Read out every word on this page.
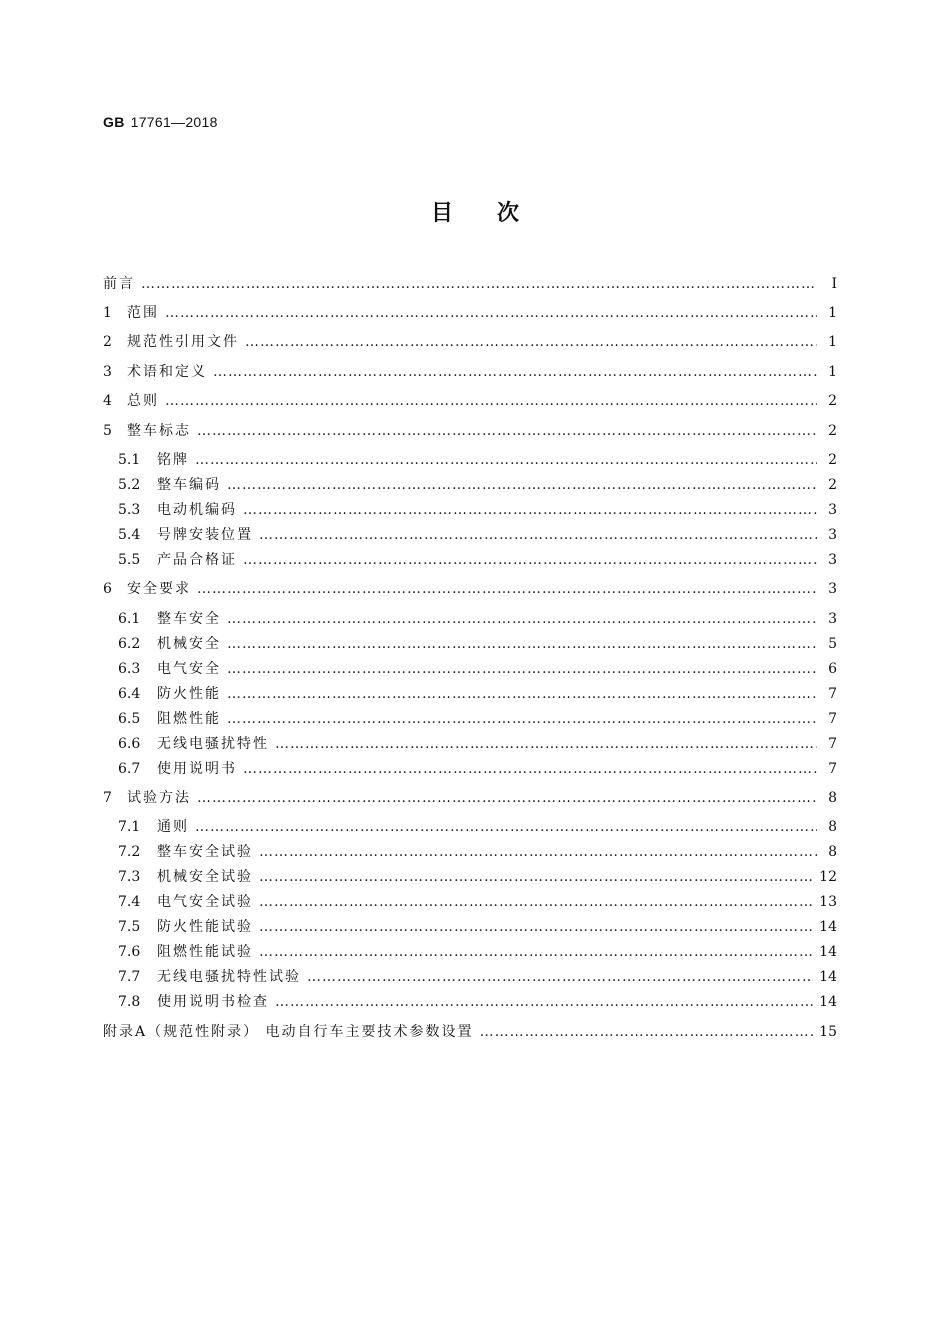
GB 17761—2018
目次
前言 …………………………………………………………………………………………………………………………………………………………………………………………………	Ⅰ
1	范围 …………………………………………………………………………………………………………………………………………………………………………………………………	1
2	规范性引用文件 …………………………………………………………………………………………………………………………………………………………………………………………………	1
3	术语和定义 …………………………………………………………………………………………………………………………………………………………………………………………………	1
4	总则 …………………………………………………………………………………………………………………………………………………………………………………………………	2
5	整车标志 …………………………………………………………………………………………………………………………………………………………………………………………………	2
5.1	铭牌 …………………………………………………………………………………………………………………………………………………………………………………………………	2
5.2	整车编码 …………………………………………………………………………………………………………………………………………………………………………………………………	2
5.3	电动机编码 …………………………………………………………………………………………………………………………………………………………………………………………………	3
5.4	号牌安装位置 …………………………………………………………………………………………………………………………………………………………………………………………………	3
5.5	产品合格证 …………………………………………………………………………………………………………………………………………………………………………………………………	3
6	安全要求 …………………………………………………………………………………………………………………………………………………………………………………………………	3
6.1	整车安全 …………………………………………………………………………………………………………………………………………………………………………………………………	3
6.2	机械安全 …………………………………………………………………………………………………………………………………………………………………………………………………	5
6.3	电气安全 …………………………………………………………………………………………………………………………………………………………………………………………………	6
6.4	防火性能 …………………………………………………………………………………………………………………………………………………………………………………………………	7
6.5	阻燃性能 …………………………………………………………………………………………………………………………………………………………………………………………………	7
6.6	无线电骚扰特性 …………………………………………………………………………………………………………………………………………………………………………………………………	7
6.7	使用说明书 …………………………………………………………………………………………………………………………………………………………………………………………………	7
7	试验方法 …………………………………………………………………………………………………………………………………………………………………………………………………	8
7.1	通则 …………………………………………………………………………………………………………………………………………………………………………………………………	8
7.2	整车安全试验 …………………………………………………………………………………………………………………………………………………………………………………………………	8
7.3	机械安全试验 …………………………………………………………………………………………………………………………………………………………………………………………………	12
7.4	电气安全试验 …………………………………………………………………………………………………………………………………………………………………………………………………	13
7.5	防火性能试验 …………………………………………………………………………………………………………………………………………………………………………………………………	14
7.6	阻燃性能试验 …………………………………………………………………………………………………………………………………………………………………………………………………	14
7.7	无线电骚扰特性试验 …………………………………………………………………………………………………………………………………………………………………………………………………	14
7.8	使用说明书检查 …………………………………………………………………………………………………………………………………………………………………………………………………	14
附录A（规范性附录） 电动自行车主要技术参数设置 …………………………………………………………………………………………………………………………………………………………………………………………………	15
